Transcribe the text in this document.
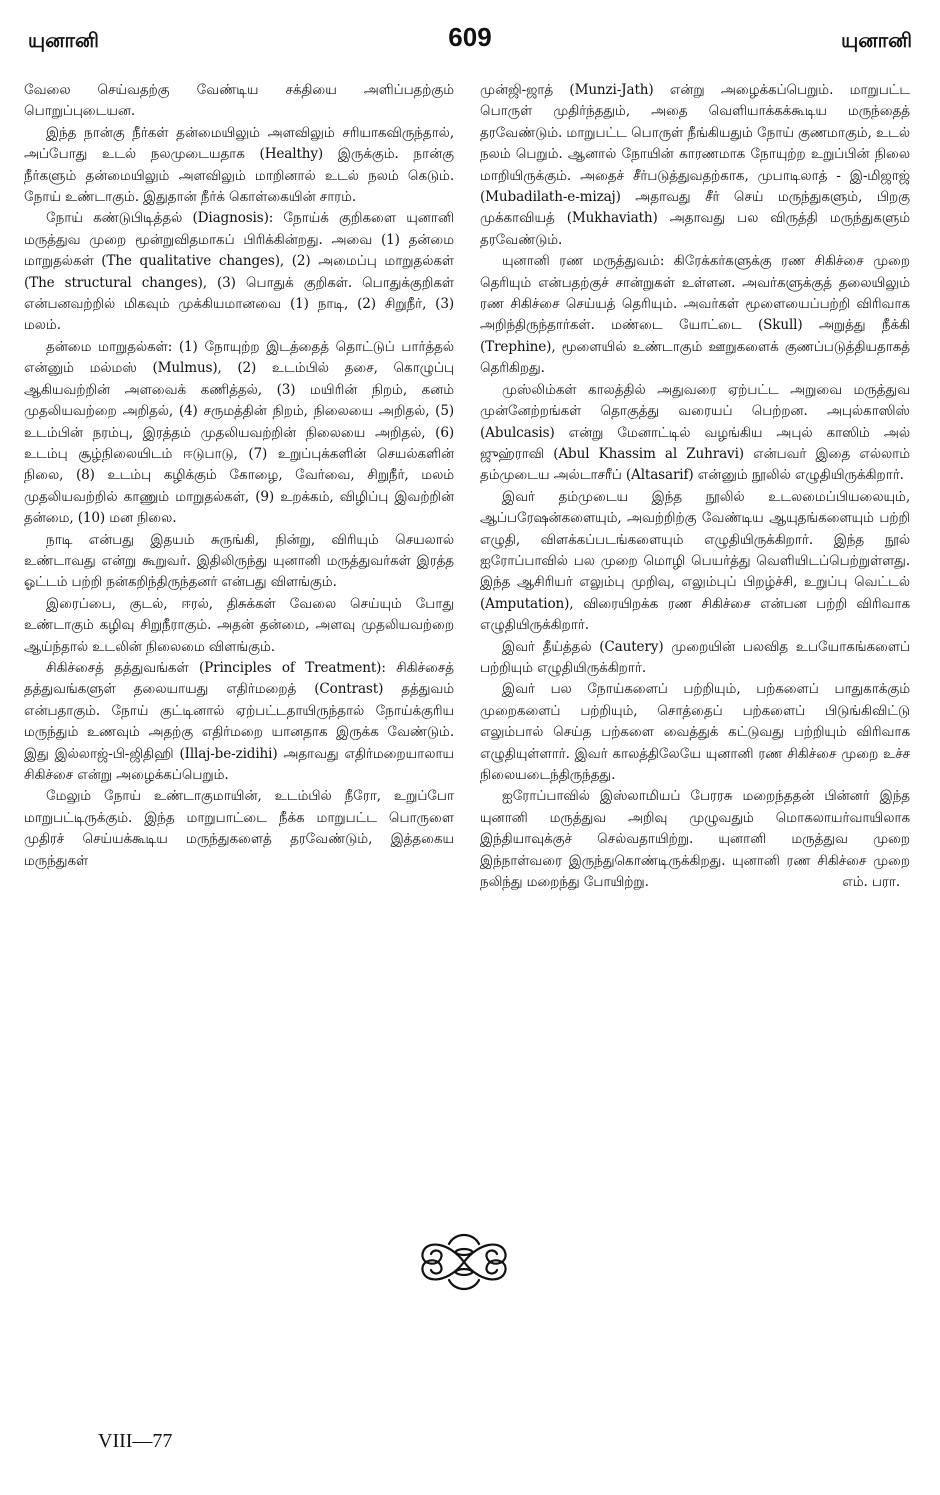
யுனானி	609	யுனானி

வேலை செய்வதற்கு வேண்டிய சக்தியை அளிப்பதற்கும் பொறுப்புடையன.

இந்த நான்கு நீர்கள் தன்மையிலும் அளவிலும் சரியாகவிருந்தால், அப்போது உடல் நலமுடையதாக (Healthy) இருக்கும். நான்கு நீர்களும் தன்மையிலும் அளவிலும் மாறினால் உடல் நலம் கெடும். நோய் உண்டாகும். இதுதான் நீர்க் கொள்கையின் சாரம்.

நோய் கண்டுபிடித்தல் (Diagnosis): நோய்க் குறிகளை யுனானி மருத்துவ முறை மூன்றுவிதமாகப் பிரிக்கின்றது. அவை (1) தன்மை மாறுதல்கள் (The qualitative changes), (2) அமைப்பு மாறுதல்கள் (The structural changes), (3) பொதுக் குறிகள். பொதுக்குறிகள் என்பனவற்றில் மிகவும் முக்கியமானவை (1) நாடி, (2) சிறுநீர், (3) மலம்.

தன்மை மாறுதல்கள்: (1) நோயுற்ற இடத்தைத் தொட்டுப் பார்த்தல் என்னும் மல்மஸ் (Mulmus), (2) உடம்பில் தசை, கொழுப்பு ஆகியவற்றின் அளவைக் கணித்தல், (3) மயிரின் நிறம், கனம் முதலியவற்றை அறிதல், (4) சருமத்தின் நிறம், நிலையை அறிதல், (5) உடம்பின் நரம்பு, இரத்தம் முதலியவற்றின் நிலையை அறிதல், (6) உடம்பு சூழ்நிலையிடம் ஈடுபாடு, (7) உறுப்புக்களின் செயல்களின் நிலை, (8) உடம்பு கழிக்கும் கோழை, வேர்வை, சிறுநீர், மலம் முதலியவற்றில் காணும் மாறுதல்கள், (9) உறக்கம், விழிப்பு இவற்றின் தன்மை, (10) மன நிலை.

நாடி என்பது இதயம் சுருங்கி, நின்று, விரியும் செயலால் உண்டாவது என்று கூறுவர். இதிலிருந்து யுனானி மருத்துவர்கள் இரத்த ஓட்டம் பற்றி நன்கறிந்திருந்தனர் என்பது விளங்கும்.

இரைப்பை, குடல், ஈரல், திசுக்கள் வேலை செய்யும் போது உண்டாகும் கழிவு சிறுநீராகும். அதன் தன்மை, அளவு முதலியவற்றை ஆய்ந்தால் உடலின் நிலைமை விளங்கும்.

சிகிச்சைத் தத்துவங்கள் (Principles of Treatment): சிகிச்சைத் தத்துவங்களுள் தலையாயது எதிர்மறைத் (Contrast) தத்துவம் என்பதாகும். நோய் குட்டினால் ஏற்பட்டதாயிருந்தால் நோய்க்குரிய மருந்தும் உணவும் அதற்கு எதிர்மறை யானதாக இருக்க வேண்டும். இது இல்லாஜ்-பி-ஜிதிஹி (Illaj-be-zidihi) அதாவது எதிர்மறையாலாய சிகிச்சை என்று அழைக்கப்பெறும்.

மேலும் நோய் உண்டாகுமாயின், உடம்பில் நீரோ, உறுப்போ மாறுபட்டிருக்கும். இந்த மாறுபாட்டை நீக்க மாறுபட்ட பொருளை முதிரச் செய்யக்கூடிய மருந்துகளைத் தரவேண்டும், இத்தகைய மருந்துகள்

முன்ஜி-ஜாத் (Munzi-Jath) என்று அழைக்கப்பெறும். மாறுபட்ட பொருள் முதிர்ந்ததும், அதை வெளியாக்கக்கூடிய மருந்தைத் தரவேண்டும். மாறுபட்ட பொருள் நீங்கியதும் நோய் குணமாகும், உடல் நலம் பெறும். ஆனால் நோயின் காரணமாக நோயுற்ற உறுப்பின் நிலை மாறியிருக்கும். அதைச் சீர்படுத்துவதற்காக, முபாடிலாத் - இ-மிஜாஜ் (Mubadilath-e-mizaj) அதாவது சீர் செய் மருந்துகளும், பிறகு முக்காவியத் (Mukhaviath) அதாவது பல விருத்தி மருந்துகளும் தரவேண்டும்.

யுனானி ரண மருத்துவம்: கிரேக்கர்களுக்கு ரண சிகிச்சை முறை தெரியும் என்பதற்குச் சான்றுகள் உள்ளன. அவர்களுக்குத் தலையிலும் ரண சிகிச்சை செய்யத் தெரியும். அவர்கள் மூளையைப்பற்றி விரிவாக அறிந்திருந்தார்கள். மண்டை யோட்டை (Skull) அறுத்து நீக்கி (Trephine), மூளையில் உண்டாகும் ஊறுகளைக் குணப்படுத்தியதாகத் தெரிகிறது.

முஸ்லிம்கள் காலத்தில் அதுவரை ஏற்பட்ட அறுவை மருத்துவ முன்னேற்றங்கள் தொகுத்து வரையப் பெற்றன. அபுல்காஸிஸ் (Abulcasis) என்று மேனாட்டில் வழங்கிய அபுல் காஸிம் அல் ஜுஹ்ராவி (Abul Khassim al Zuhravi) என்பவர் இதை எல்லாம் தம்முடைய அல்டாசரீப் (Altasarif) என்னும் நூலில் எழுதியிருக்கிறார்.

இவர் தம்முடைய இந்த நூலில் உடலமைப்பியலையும், ஆப்பரேஷன்களையும், அவற்றிற்கு வேண்டிய ஆயுதங்களையும் பற்றி எழுதி, விளக்கப்படங்களையும் எழுதியிருக்கிறார். இந்த நூல் ஐரோப்பாவில் பல முறை மொழி பெயர்த்து வெளியிடப்பெற்றுள்ளது. இந்த ஆசிரியர் எலும்பு முறிவு, எலும்புப் பிறழ்ச்சி, உறுப்பு வெட்டல் (Amputation), விரையிறக்க ரண சிகிச்சை என்பன பற்றி விரிவாக எழுதியிருக்கிறார்.

இவர் தீய்த்தல் (Cautery) முறையின் பலவித உபயோகங்களைப் பற்றியும் எழுதியிருக்கிறார்.

இவர் பல நோய்களைப் பற்றியும், பற்களைப் பாதுகாக்கும் முறைகளைப் பற்றியும், சொத்தைப் பற்களைப் பிடுங்கிவிட்டு எலும்பால் செய்த பற்களை வைத்துக் கட்டுவது பற்றியும் விரிவாக எழுதியுள்ளார். இவர் காலத்திலேயே யுனானி ரண சிகிச்சை முறை உச்ச நிலையடைந்திருந்தது.

ஐரோப்பாவில் இஸ்லாமியப் பேரரசு மறைந்ததன் பின்னர் இந்த யுனானி மருத்துவ அறிவு முழுவதும் மொகலாயர்வாயிலாக இந்தியாவுக்குச் செல்வதாயிற்று. யுனானி மருத்துவ முறை இந்நாள்வரை இருந்துகொண்டிருக்கிறது. யுனானி ரண சிகிச்சை முறை நலிந்து மறைந்து போயிற்று.	எம். பரா.
VIII—77
